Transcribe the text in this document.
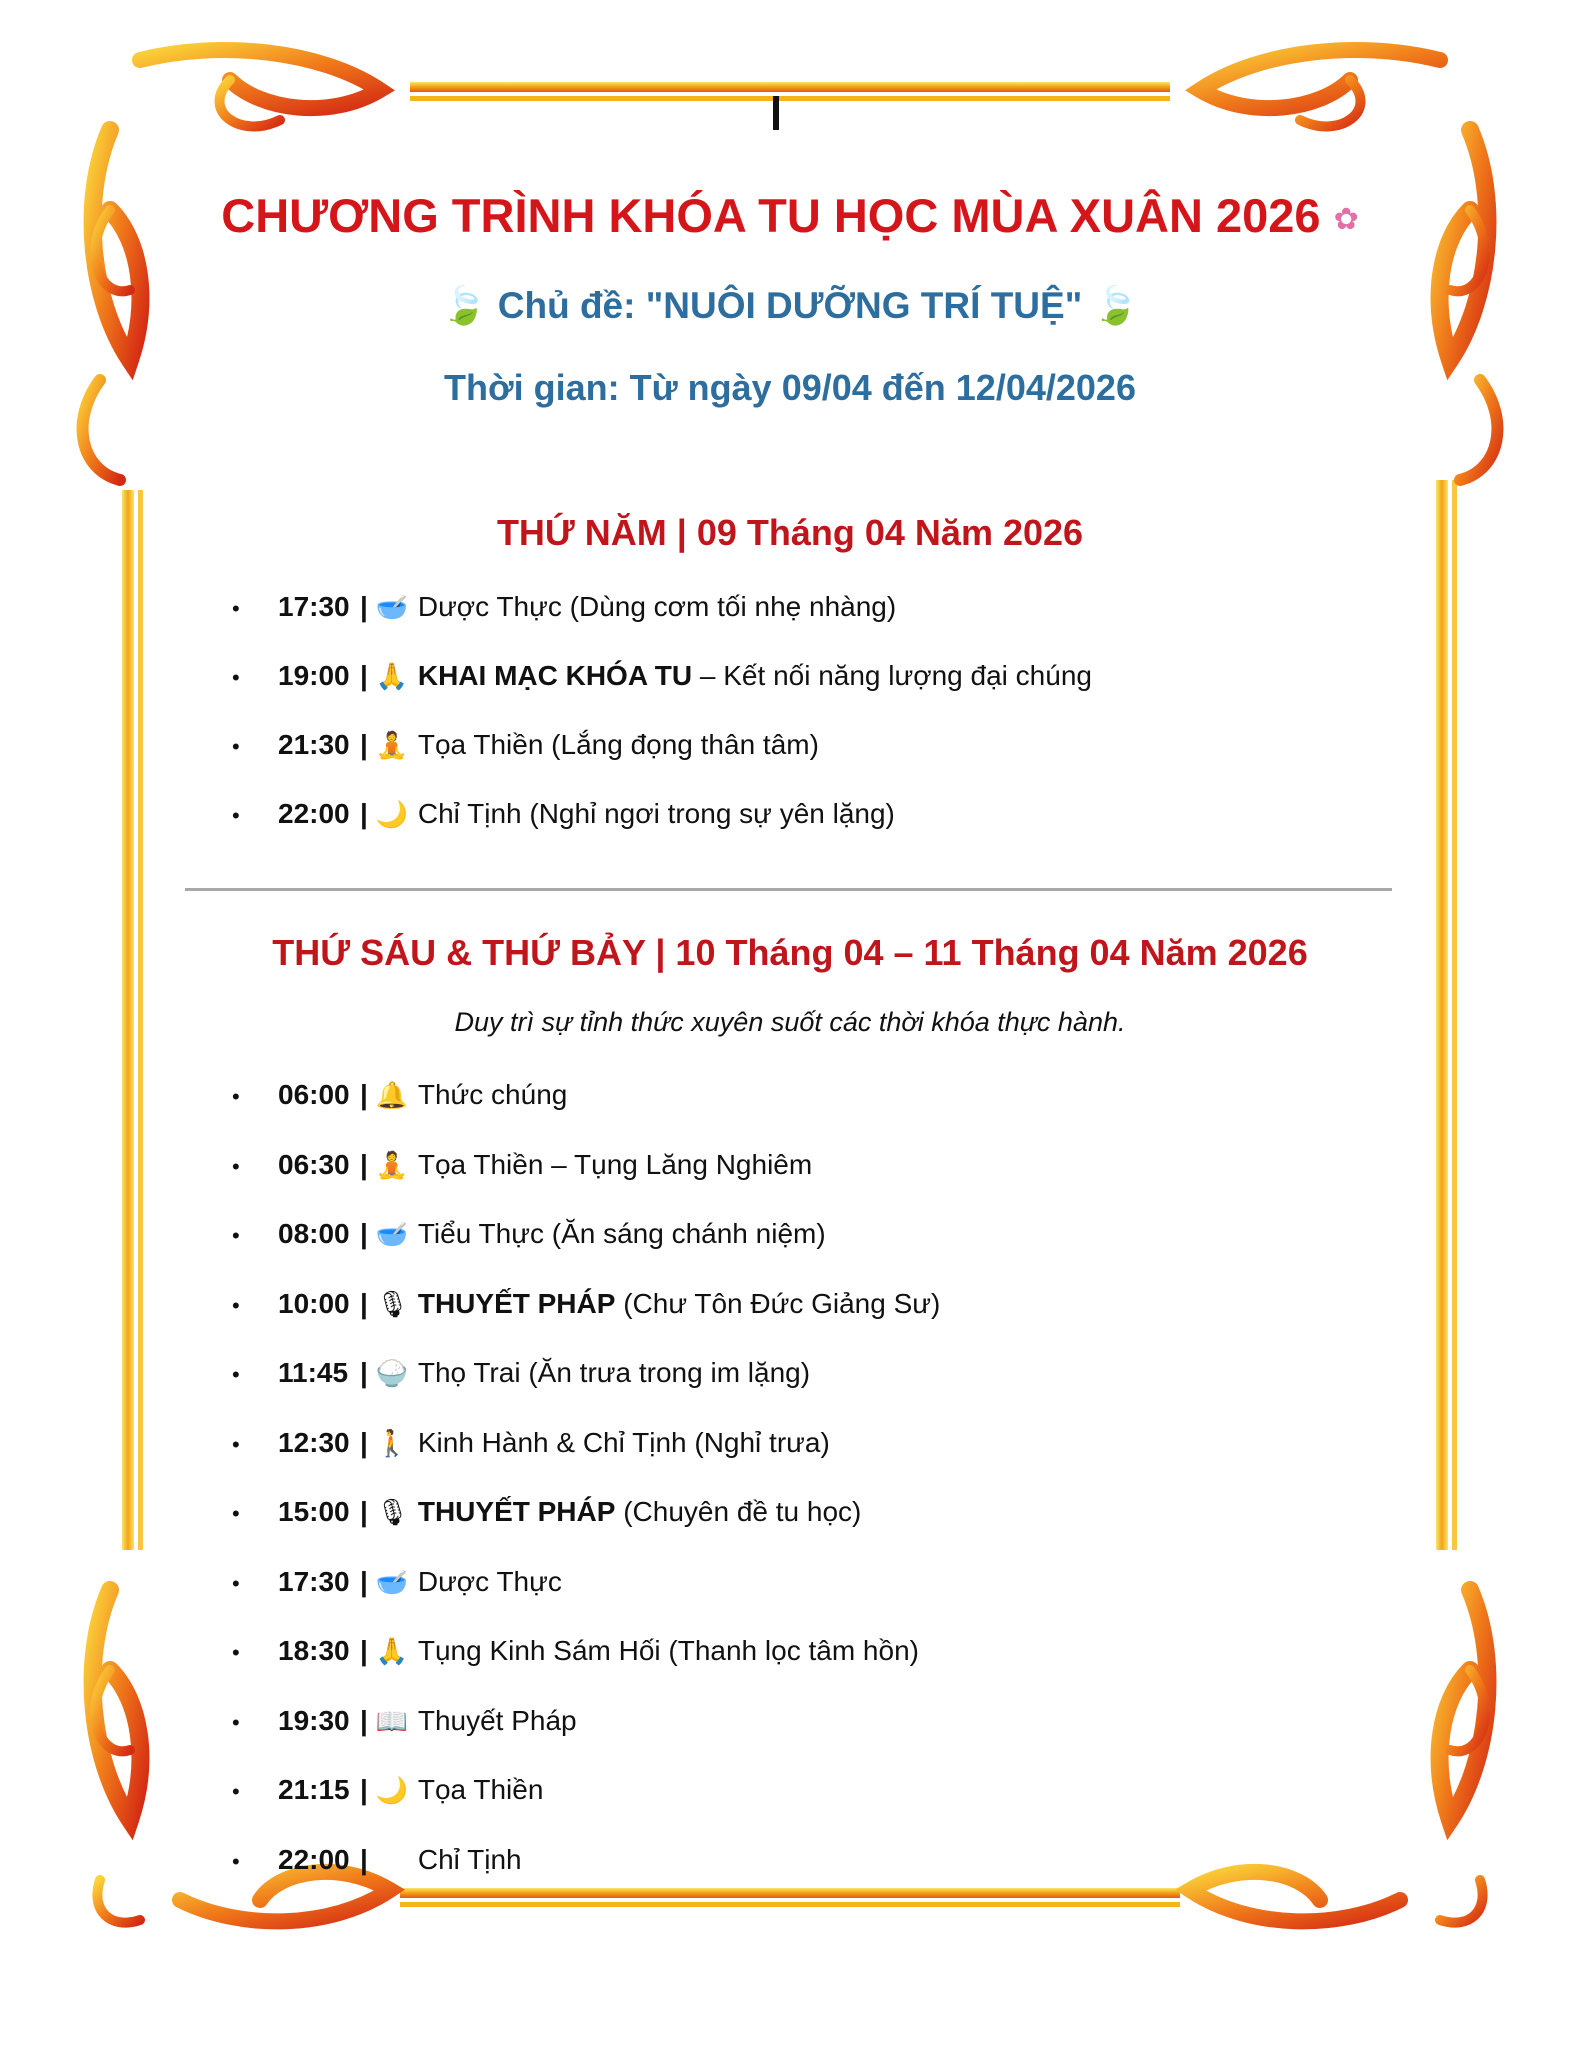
CHƯƠNG TRÌNH KHÓA TU HỌC MÙA XUÂN 2026 ✿
🍃 Chủ đề: "NUÔI DƯỠNG TRÍ TUỆ" 🍃
Thời gian: Từ ngày 09/04 đến 12/04/2026
THỨ NĂM | 09 Tháng 04 Năm 2026
• 17:30 | 🥣 Dược Thực (Dùng cơm tối nhẹ nhàng)
• 19:00 | 🙏 KHAI MẠC KHÓA TU – Kết nối năng lượng đại chúng
• 21:30 | 🧘 Tọa Thiền (Lắng đọng thân tâm)
• 22:00 | 🌙 Chỉ Tịnh (Nghỉ ngơi trong sự yên lặng)
THỨ SÁU & THỨ BẢY | 10 Tháng 04 – 11 Tháng 04 Năm 2026
Duy trì sự tỉnh thức xuyên suốt các thời khóa thực hành.
• 06:00 | 🔔 Thức chúng
• 06:30 | 🧘 Tọa Thiền – Tụng Lăng Nghiêm
• 08:00 | 🥣 Tiểu Thực (Ăn sáng chánh niệm)
• 10:00 | 🎙 THUYẾT PHÁP (Chư Tôn Đức Giảng Sư)
• 11:45 | 🍚 Thọ Trai (Ăn trưa trong im lặng)
• 12:30 | 🚶 Kinh Hành & Chỉ Tịnh (Nghỉ trưa)
• 15:00 | 🎙 THUYẾT PHÁP (Chuyên đề tu học)
• 17:30 | 🥣 Dược Thực
• 18:30 | 🙏 Tụng Kinh Sám Hối (Thanh lọc tâm hồn)
• 19:30 | 📖 Thuyết Pháp
• 21:15 | 🌙 Tọa Thiền
• 22:00 | Chỉ Tịnh
